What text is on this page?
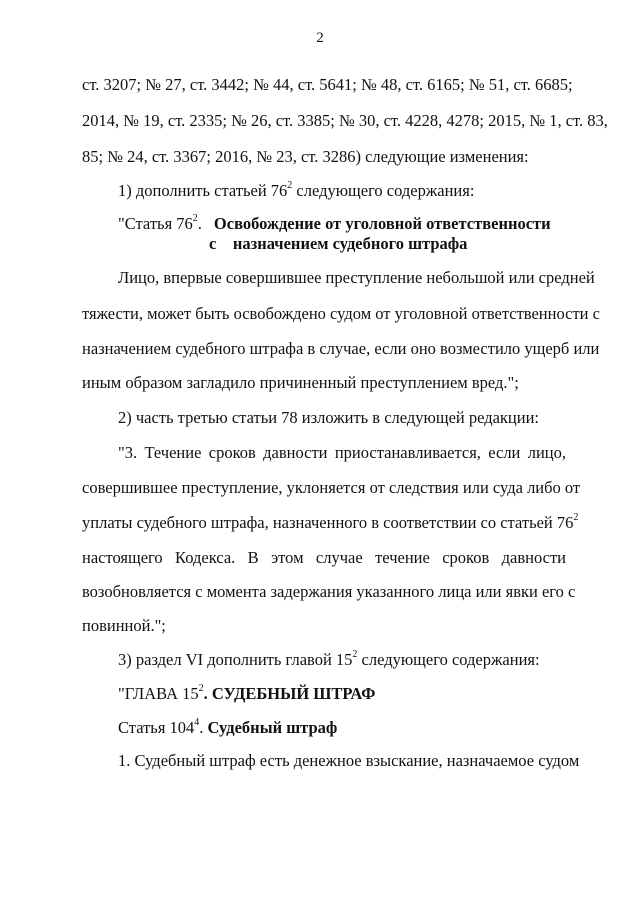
2
ст. 3207; № 27, ст. 3442; № 44, ст. 5641; № 48, ст. 6165; № 51, ст. 6685;
2014, № 19, ст. 2335; № 26, ст. 3385; № 30, ст. 4228, 4278; 2015, № 1, ст. 83,
85; № 24, ст. 3367; 2016, № 23, ст. 3286) следующие изменения:
1) дополнить статьей $76^2$ следующего содержания:
"Статья $76^2$. Освобождение от уголовной ответственности
с    назначением судебного штрафа
Лицо, впервые совершившее преступление небольшой или средней
тяжести, может быть освобождено судом от уголовной ответственности с
назначением судебного штрафа в случае, если оно возместило ущерб или
иным образом загладило причиненный преступлением вред.";
2) часть третью статьи 78 изложить в следующей редакции:
"3. Течение сроков давности приостанавливается, если лицо,
совершившее преступление, уклоняется от следствия или суда либо от
уплаты судебного штрафа, назначенного в соответствии со статьей $76^2$
настоящего Кодекса. В этом случае течение сроков давности
возобновляется с момента задержания указанного лица или явки его с
повинной.";
3) раздел VI дополнить главой $15^2$ следующего содержания:
"ГЛАВА $15^2$. СУДЕБНЫЙ ШТРАФ
Статья $104^4$. Судебный штраф
1. Судебный штраф есть денежное взыскание, назначаемое судом
